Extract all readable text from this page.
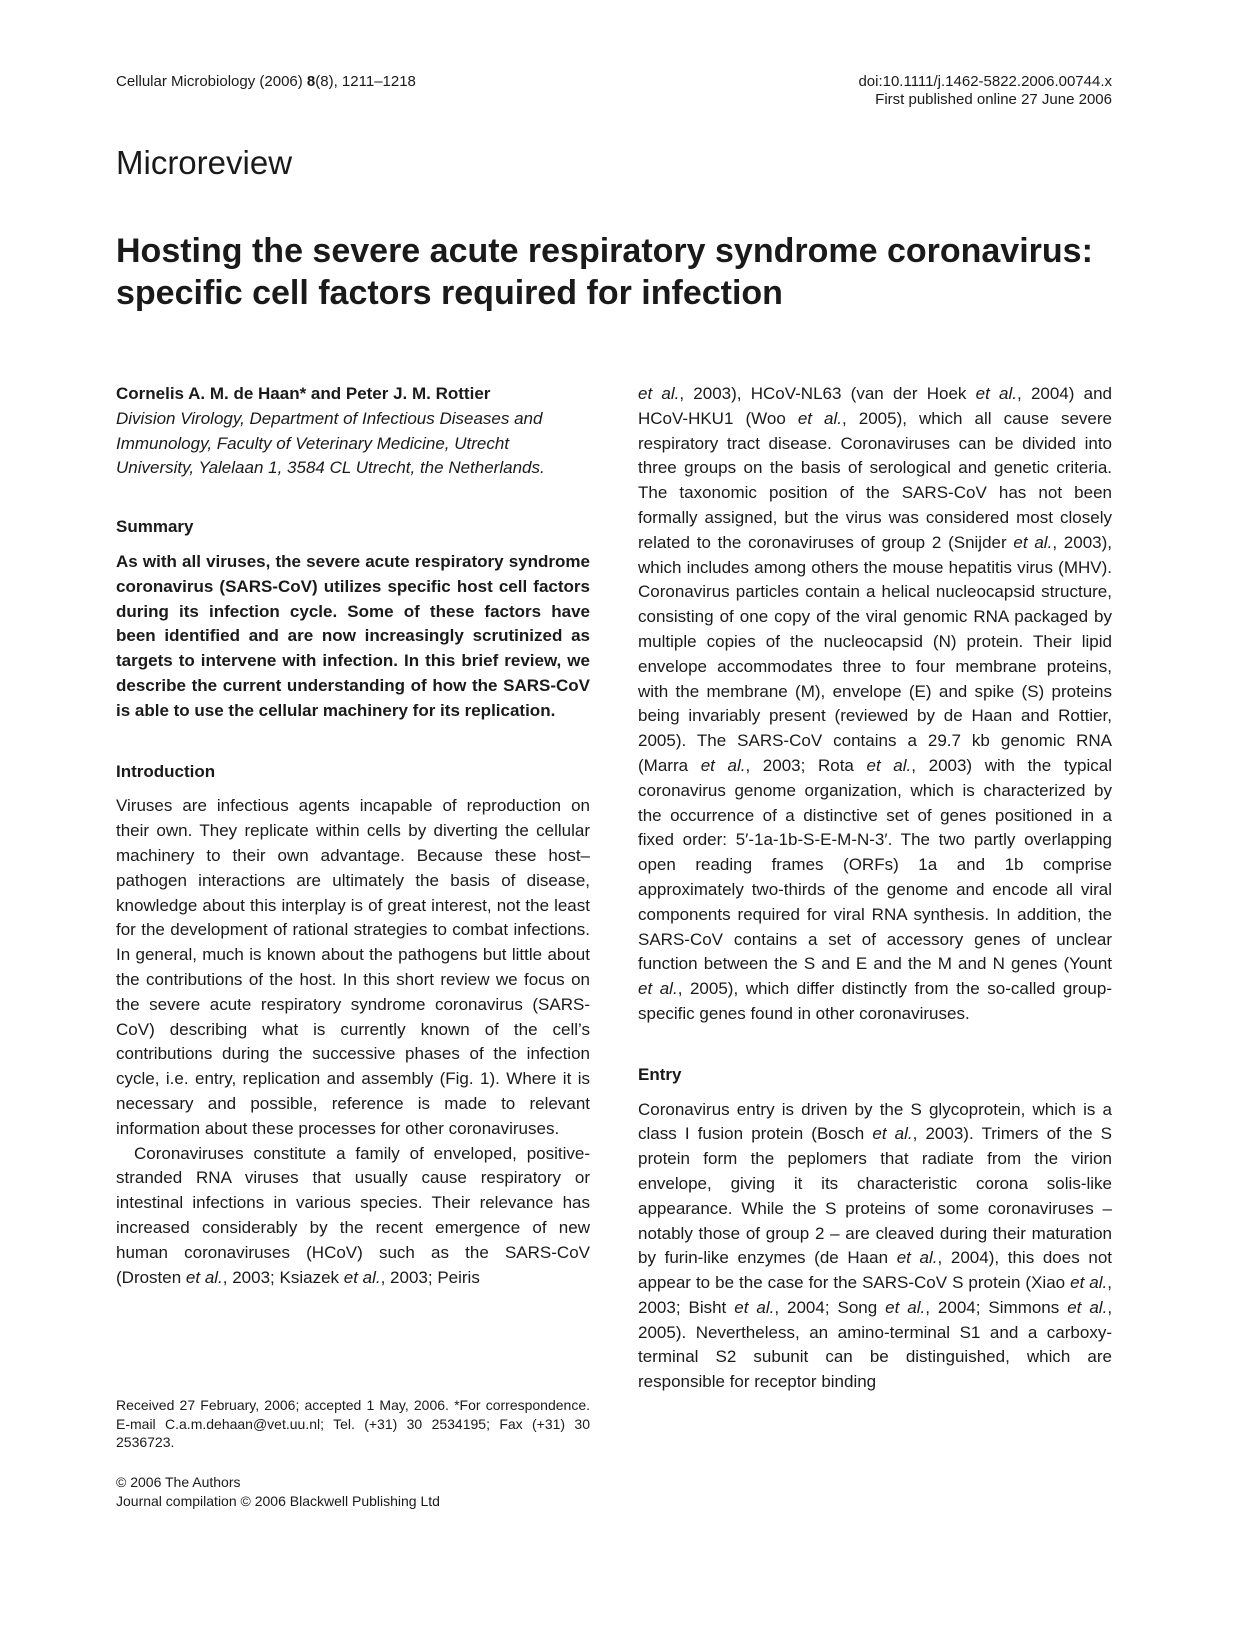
Cellular Microbiology (2006) 8(8), 1211–1218	doi:10.1111/j.1462-5822.2006.00744.x
First published online 27 June 2006
Microreview
Hosting the severe acute respiratory syndrome coronavirus: specific cell factors required for infection

Cornelis A. M. de Haan* and Peter J. M. Rottier

Division Virology, Department of Infectious Diseases and Immunology, Faculty of Veterinary Medicine, Utrecht University, Yalelaan 1, 3584 CL Utrecht, the Netherlands.

Summary

As with all viruses, the severe acute respiratory syndrome coronavirus (SARS-CoV) utilizes specific host cell factors during its infection cycle. Some of these factors have been identified and are now increasingly scrutinized as targets to intervene with infection. In this brief review, we describe the current understanding of how the SARS-CoV is able to use the cellular machinery for its replication.

Introduction

Viruses are infectious agents incapable of reproduction on their own. They replicate within cells by diverting the cellular machinery to their own advantage. Because these host–pathogen interactions are ultimately the basis of disease, knowledge about this interplay is of great interest, not the least for the development of rational strategies to combat infections. In general, much is known about the pathogens but little about the contributions of the host. In this short review we focus on the severe acute respiratory syndrome coronavirus (SARS-CoV) describing what is currently known of the cell’s contributions during the successive phases of the infection cycle, i.e. entry, replication and assembly (Fig. 1). Where it is necessary and possible, reference is made to relevant information about these processes for other coronaviruses.

Coronaviruses constitute a family of enveloped, positive-stranded RNA viruses that usually cause respiratory or intestinal infections in various species. Their relevance has increased considerably by the recent emergence of new human coronaviruses (HCoV) such as the SARS-CoV (Drosten et al., 2003; Ksiazek et al., 2003; Peiris

et al., 2003), HCoV-NL63 (van der Hoek et al., 2004) and HCoV-HKU1 (Woo et al., 2005), which all cause severe respiratory tract disease. Coronaviruses can be divided into three groups on the basis of serological and genetic criteria. The taxonomic position of the SARS-CoV has not been formally assigned, but the virus was considered most closely related to the coronaviruses of group 2 (Snijder et al., 2003), which includes among others the mouse hepatitis virus (MHV). Coronavirus particles contain a helical nucleocapsid structure, consisting of one copy of the viral genomic RNA packaged by multiple copies of the nucleocapsid (N) protein. Their lipid envelope accommodates three to four membrane proteins, with the membrane (M), envelope (E) and spike (S) proteins being invariably present (reviewed by de Haan and Rottier, 2005). The SARS-CoV contains a 29.7 kb genomic RNA (Marra et al., 2003; Rota et al., 2003) with the typical coronavirus genome organization, which is characterized by the occurrence of a distinctive set of genes positioned in a fixed order: 5′-1a-1b-S-E-M-N-3′. The two partly overlapping open reading frames (ORFs) 1a and 1b comprise approximately two-thirds of the genome and encode all viral components required for viral RNA synthesis. In addition, the SARS-CoV contains a set of accessory genes of unclear function between the S and E and the M and N genes (Yount et al., 2005), which differ distinctly from the so-called group-specific genes found in other coronaviruses.

Entry

Coronavirus entry is driven by the S glycoprotein, which is a class I fusion protein (Bosch et al., 2003). Trimers of the S protein form the peplomers that radiate from the virion envelope, giving it its characteristic corona solis-like appearance. While the S proteins of some coronaviruses – notably those of group 2 – are cleaved during their maturation by furin-like enzymes (de Haan et al., 2004), this does not appear to be the case for the SARS-CoV S protein (Xiao et al., 2003; Bisht et al., 2004; Song et al., 2004; Simmons et al., 2005). Nevertheless, an amino-terminal S1 and a carboxy-terminal S2 subunit can be distinguished, which are responsible for receptor binding

Received 27 February, 2006; accepted 1 May, 2006. *For correspondence. E-mail C.a.m.dehaan@vet.uu.nl; Tel. (+31) 30 2534195; Fax (+31) 30 2536723.

© 2006 The Authors
Journal compilation © 2006 Blackwell Publishing Ltd
